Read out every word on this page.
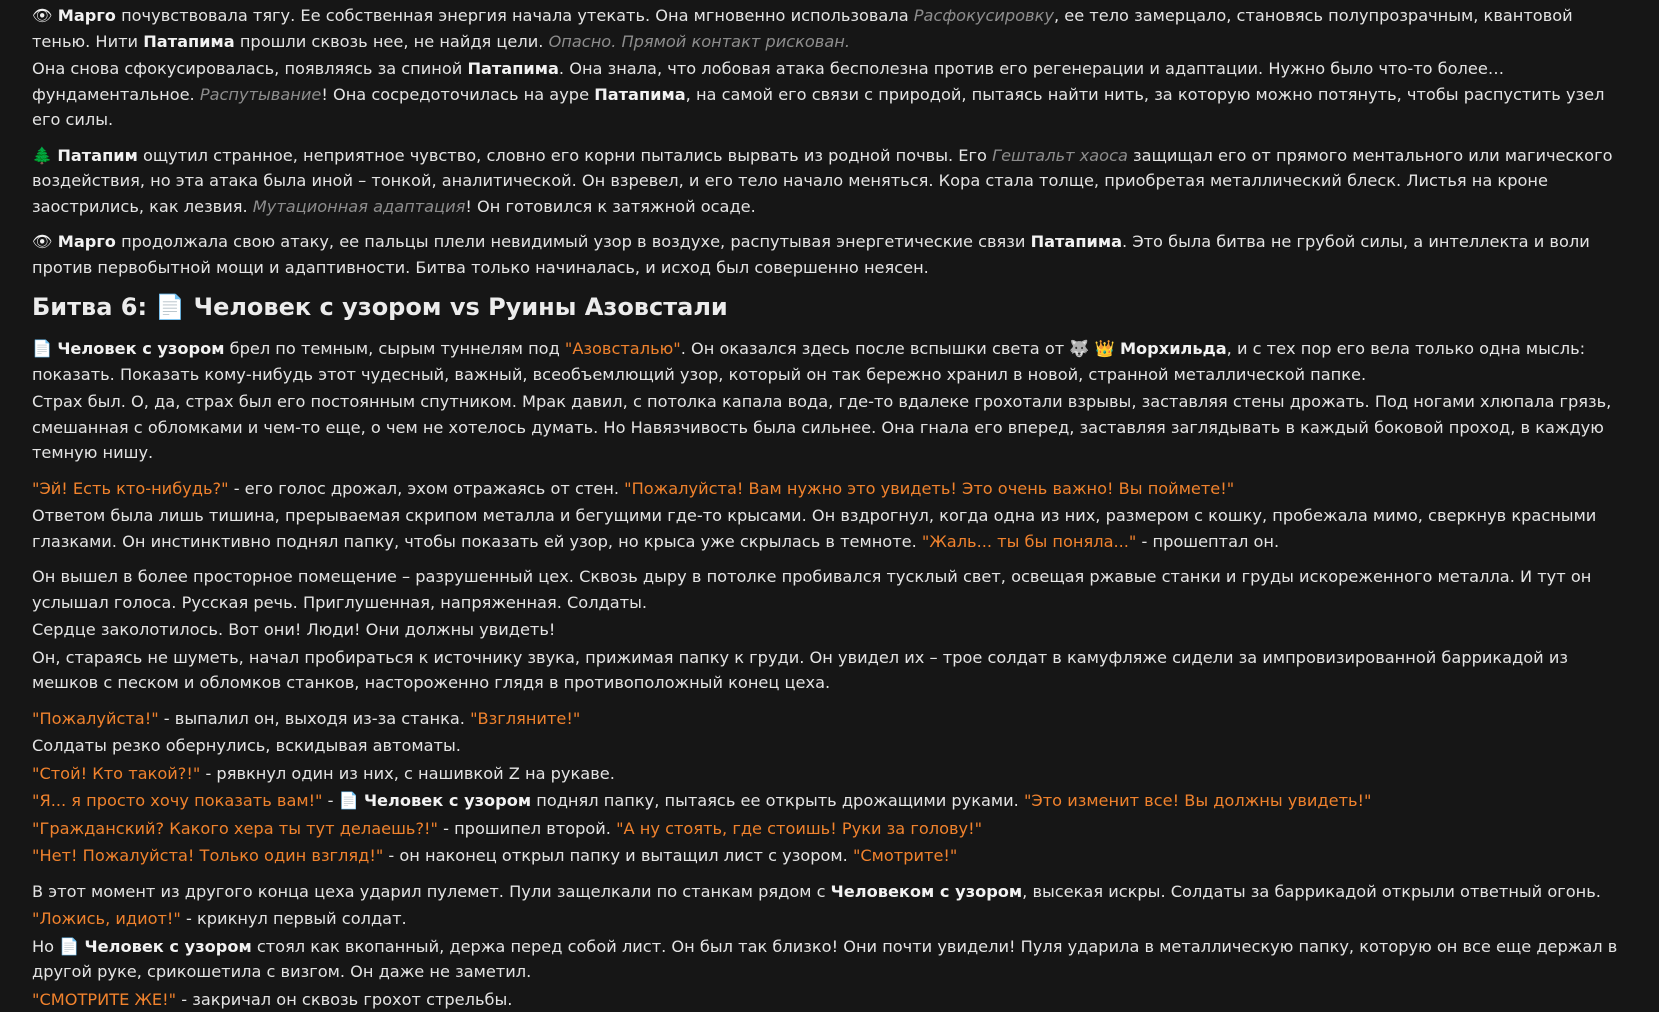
👁 Марго почувствовала тягу. Ее собственная энергия начала утекать. Она мгновенно использовала Расфокусировку, ее тело замерцало, становясь полупрозрачным, квантовой тенью. Нити Патапима прошли сквозь нее, не найдя цели. Опасно. Прямой контакт рискован.

Она снова сфокусировалась, появляясь за спиной Патапима. Она знала, что лобовая атака бесполезна против его регенерации и адаптации. Нужно было что-то более… фундаментальное. Распутывание! Она сосредоточилась на ауре Патапима, на самой его связи с природой, пытаясь найти нить, за которую можно потянуть, чтобы распустить узел его силы.

🌲 Патапим ощутил странное, неприятное чувство, словно его корни пытались вырвать из родной почвы. Его Гештальт хаоса защищал его от прямого ментального или магического воздействия, но эта атака была иной – тонкой, аналитической. Он взревел, и его тело начало меняться. Кора стала толще, приобретая металлический блеск. Листья на кроне заострились, как лезвия. Мутационная адаптация! Он готовился к затяжной осаде.

👁 Марго продолжала свою атаку, ее пальцы плели невидимый узор в воздухе, распутывая энергетические связи Патапима. Это была битва не грубой силы, а интеллекта и воли против первобытной мощи и адаптивности. Битва только начиналась, и исход был совершенно неясен.

Битва 6: 📄 Человек с узором vs Руины Азовстали

📄 Человек с узором брел по темным, сырым туннелям под "Азовсталью". Он оказался здесь после вспышки света от 🐺 👑 Морхильда, и с тех пор его вела только одна мысль: показать. Показать кому-нибудь этот чудесный, важный, всеобъемлющий узор, который он так бережно хранил в новой, странной металлической папке.

Страх был. О, да, страх был его постоянным спутником. Мрак давил, с потолка капала вода, где-то вдалеке грохотали взрывы, заставляя стены дрожать. Под ногами хлюпала грязь, смешанная с обломками и чем-то еще, о чем не хотелось думать. Но Навязчивость была сильнее. Она гнала его вперед, заставляя заглядывать в каждый боковой проход, в каждую темную нишу.

"Эй! Есть кто-нибудь?" - его голос дрожал, эхом отражаясь от стен. "Пожалуйста! Вам нужно это увидеть! Это очень важно! Вы поймете!"

Ответом была лишь тишина, прерываемая скрипом металла и бегущими где-то крысами. Он вздрогнул, когда одна из них, размером с кошку, пробежала мимо, сверкнув красными глазками. Он инстинктивно поднял папку, чтобы показать ей узор, но крыса уже скрылась в темноте. "Жаль... ты бы поняла..." - прошептал он.

Он вышел в более просторное помещение – разрушенный цех. Сквозь дыру в потолке пробивался тусклый свет, освещая ржавые станки и груды искореженного металла. И тут он услышал голоса. Русская речь. Приглушенная, напряженная. Солдаты.

Сердце заколотилось. Вот они! Люди! Они должны увидеть!

Он, стараясь не шуметь, начал пробираться к источнику звука, прижимая папку к груди. Он увидел их – трое солдат в камуфляже сидели за импровизированной баррикадой из мешков с песком и обломков станков, настороженно глядя в противоположный конец цеха.

"Пожалуйста!" - выпалил он, выходя из-за станка. "Взгляните!"

Солдаты резко обернулись, вскидывая автоматы.

"Стой! Кто такой?!" - рявкнул один из них, с нашивкой Z на рукаве.

"Я... я просто хочу показать вам!" - 📄 Человек с узором поднял папку, пытаясь ее открыть дрожащими руками. "Это изменит все! Вы должны увидеть!"

"Гражданский? Какого хера ты тут делаешь?!" - прошипел второй. "А ну стоять, где стоишь! Руки за голову!"

"Нет! Пожалуйста! Только один взгляд!" - он наконец открыл папку и вытащил лист с узором. "Смотрите!"

В этот момент из другого конца цеха ударил пулемет. Пули защелкали по станкам рядом с Человеком с узором, высекая искры. Солдаты за баррикадой открыли ответный огонь.

"Ложись, идиот!" - крикнул первый солдат.

Но 📄 Человек с узором стоял как вкопанный, держа перед собой лист. Он был так близко! Они почти увидели! Пуля ударила в металлическую папку, которую он все еще держал в другой руке, срикошетила с визгом. Он даже не заметил.

"СМОТРИТЕ ЖЕ!" - закричал он сквозь грохот стрельбы.
